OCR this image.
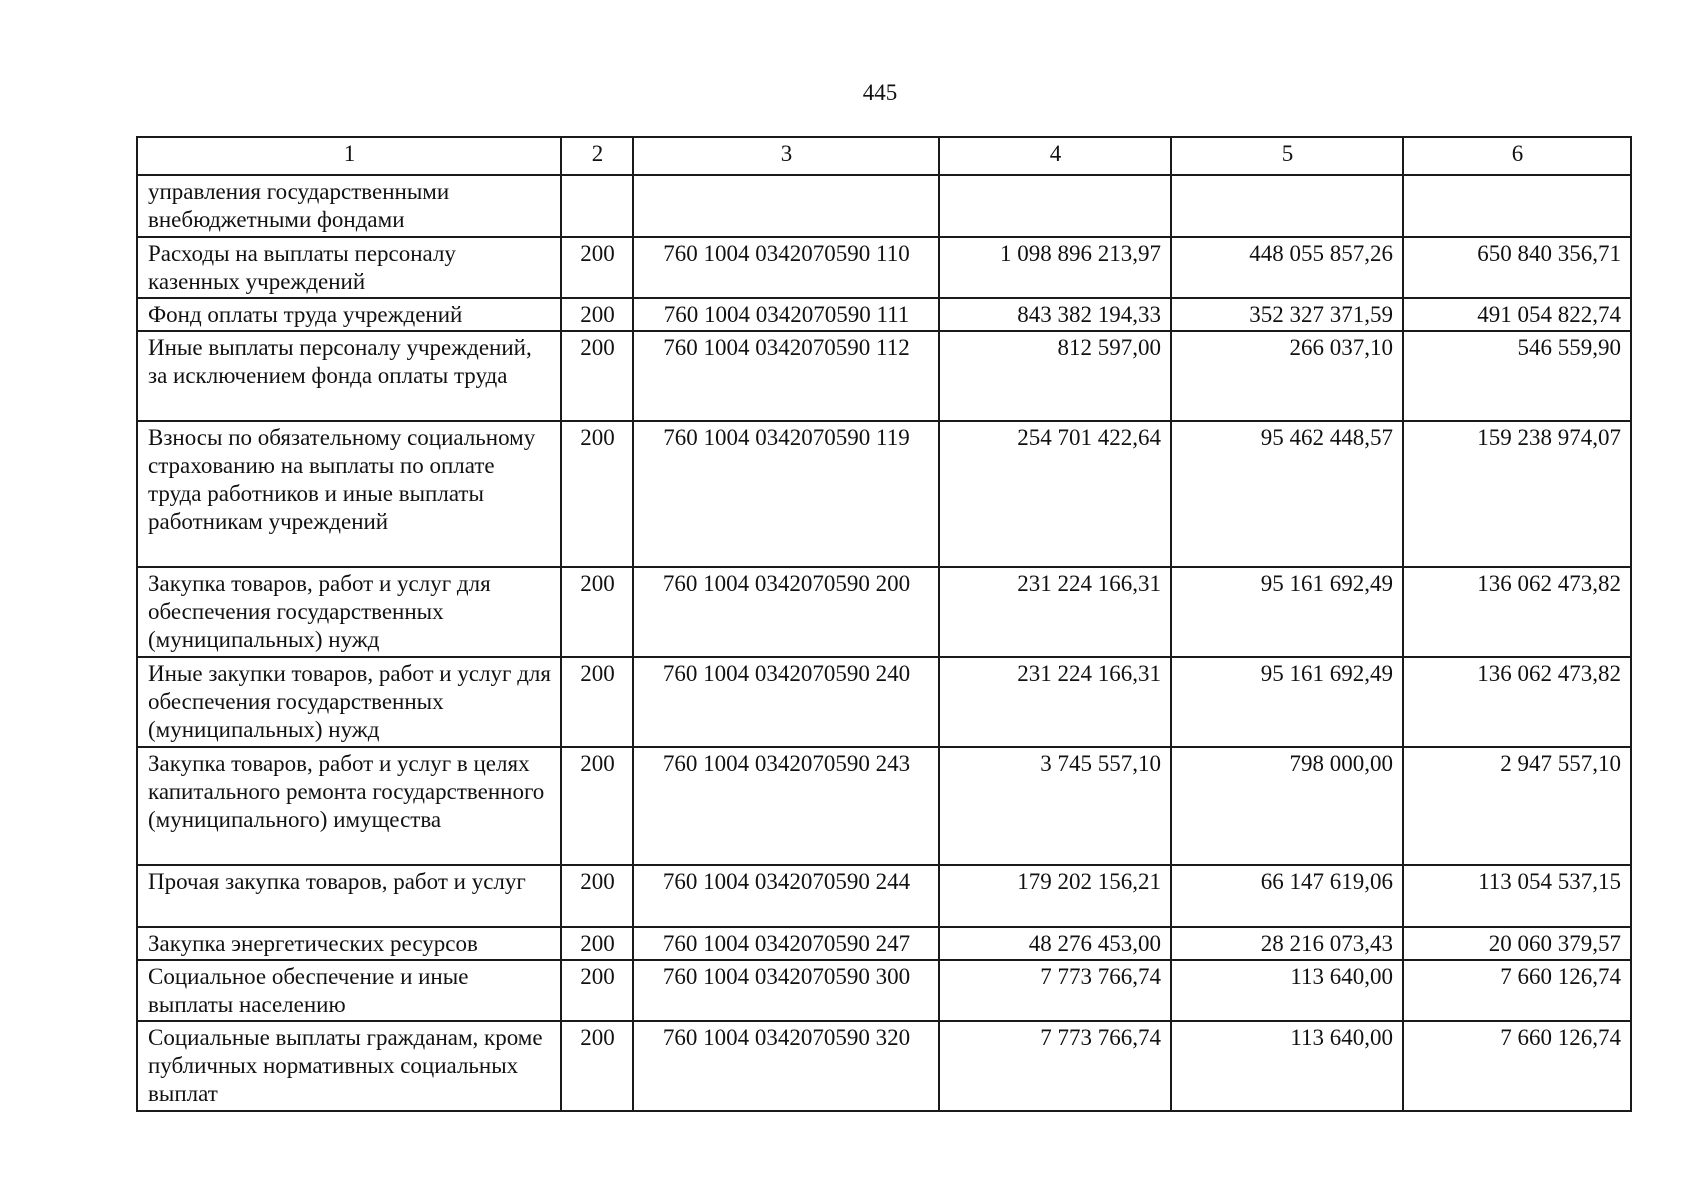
445
1	2	3	4	5	6
управления государственными внебюджетными фондами					
Расходы на выплаты персоналу казенных учреждений	200	760 1004 0342070590 110	1 098 896 213,97	448 055 857,26	650 840 356,71
Фонд оплаты труда учреждений	200	760 1004 0342070590 111	843 382 194,33	352 327 371,59	491 054 822,74
Иные выплаты персоналу учреждений, за исключением фонда оплаты труда	200	760 1004 0342070590 112	812 597,00	266 037,10	546 559,90
Взносы по обязательному социальному страхованию на выплаты по оплате труда работников и иные выплаты работникам учреждений	200	760 1004 0342070590 119	254 701 422,64	95 462 448,57	159 238 974,07
Закупка товаров, работ и услуг для обеспечения государственных (муниципальных) нужд	200	760 1004 0342070590 200	231 224 166,31	95 161 692,49	136 062 473,82
Иные закупки товаров, работ и услуг для обеспечения государственных (муниципальных) нужд	200	760 1004 0342070590 240	231 224 166,31	95 161 692,49	136 062 473,82
Закупка товаров, работ и услуг в целях капитального ремонта государственного (муниципального) имущества	200	760 1004 0342070590 243	3 745 557,10	798 000,00	2 947 557,10
Прочая закупка товаров, работ и услуг	200	760 1004 0342070590 244	179 202 156,21	66 147 619,06	113 054 537,15
Закупка энергетических ресурсов	200	760 1004 0342070590 247	48 276 453,00	28 216 073,43	20 060 379,57
Социальное обеспечение и иные выплаты населению	200	760 1004 0342070590 300	7 773 766,74	113 640,00	7 660 126,74
Социальные выплаты гражданам, кроме публичных нормативных социальных выплат	200	760 1004 0342070590 320	7 773 766,74	113 640,00	7 660 126,74
